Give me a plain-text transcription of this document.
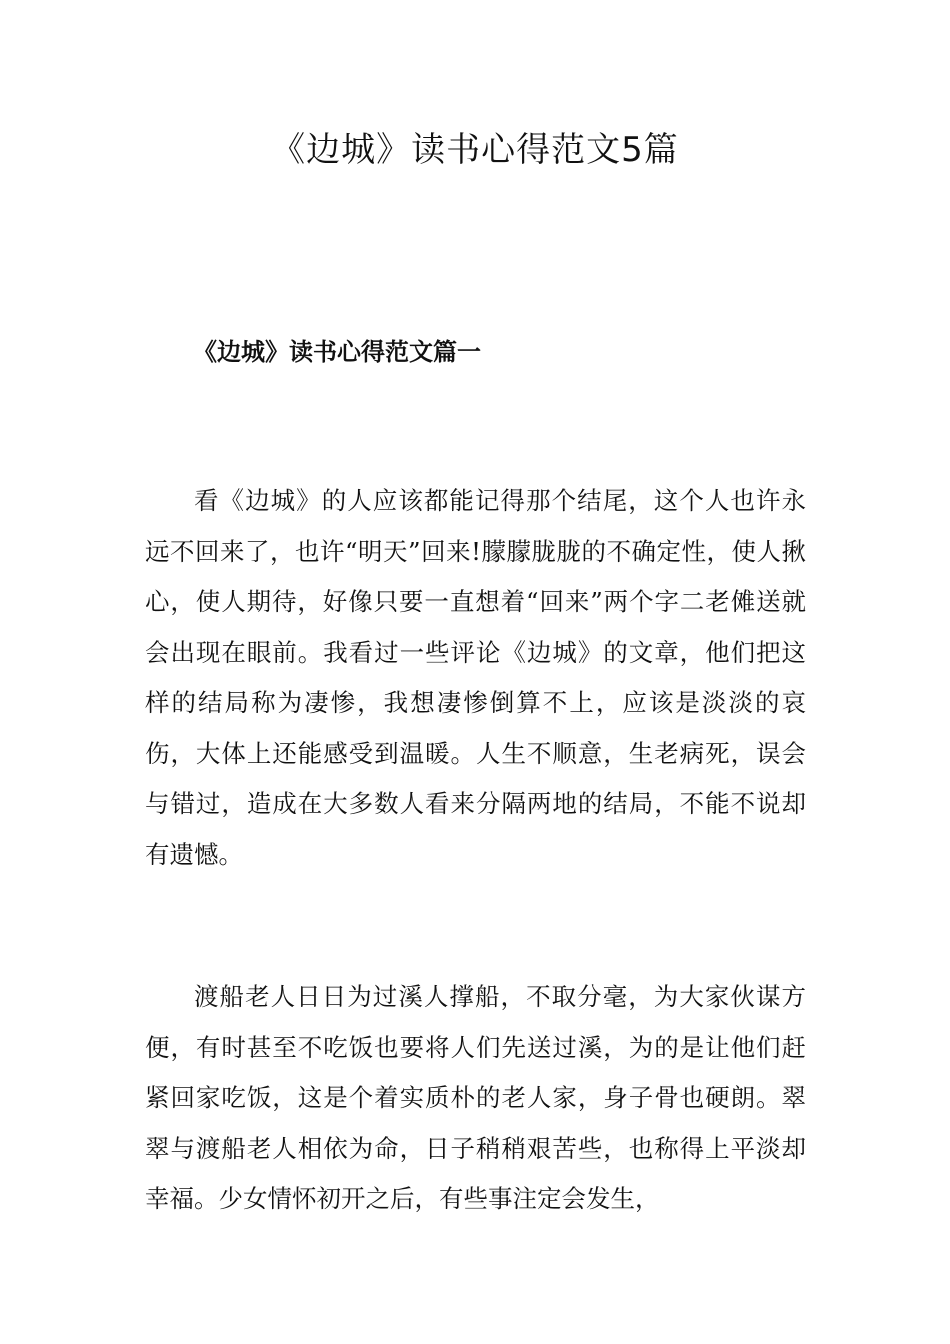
《边城》读书心得范文5篇
《边城》读书心得范文篇一

看《边城》的人应该都能记得那个结尾，这个人也许永远不回来了，也许“明天”回来!朦朦胧胧的不确定性，使人揪心，使人期待，好像只要一直想着“回来”两个字二老傩送就会出现在眼前。我看过一些评论《边城》的文章，他们把这样的结局称为凄惨，我想凄惨倒算不上，应该是淡淡的哀伤，大体上还能感受到温暖。人生不顺意，生老病死，误会与错过，造成在大多数人看来分隔两地的结局，不能不说却有遗憾。

渡船老人日日为过溪人撑船，不取分毫，为大家伙谋方便，有时甚至不吃饭也要将人们先送过溪，为的是让他们赶紧回家吃饭，这是个着实质朴的老人家，身子骨也硬朗。翠翠与渡船老人相依为命，日子稍稍艰苦些，也称得上平淡却幸福。少女情怀初开之后，有些事注定会发生，
